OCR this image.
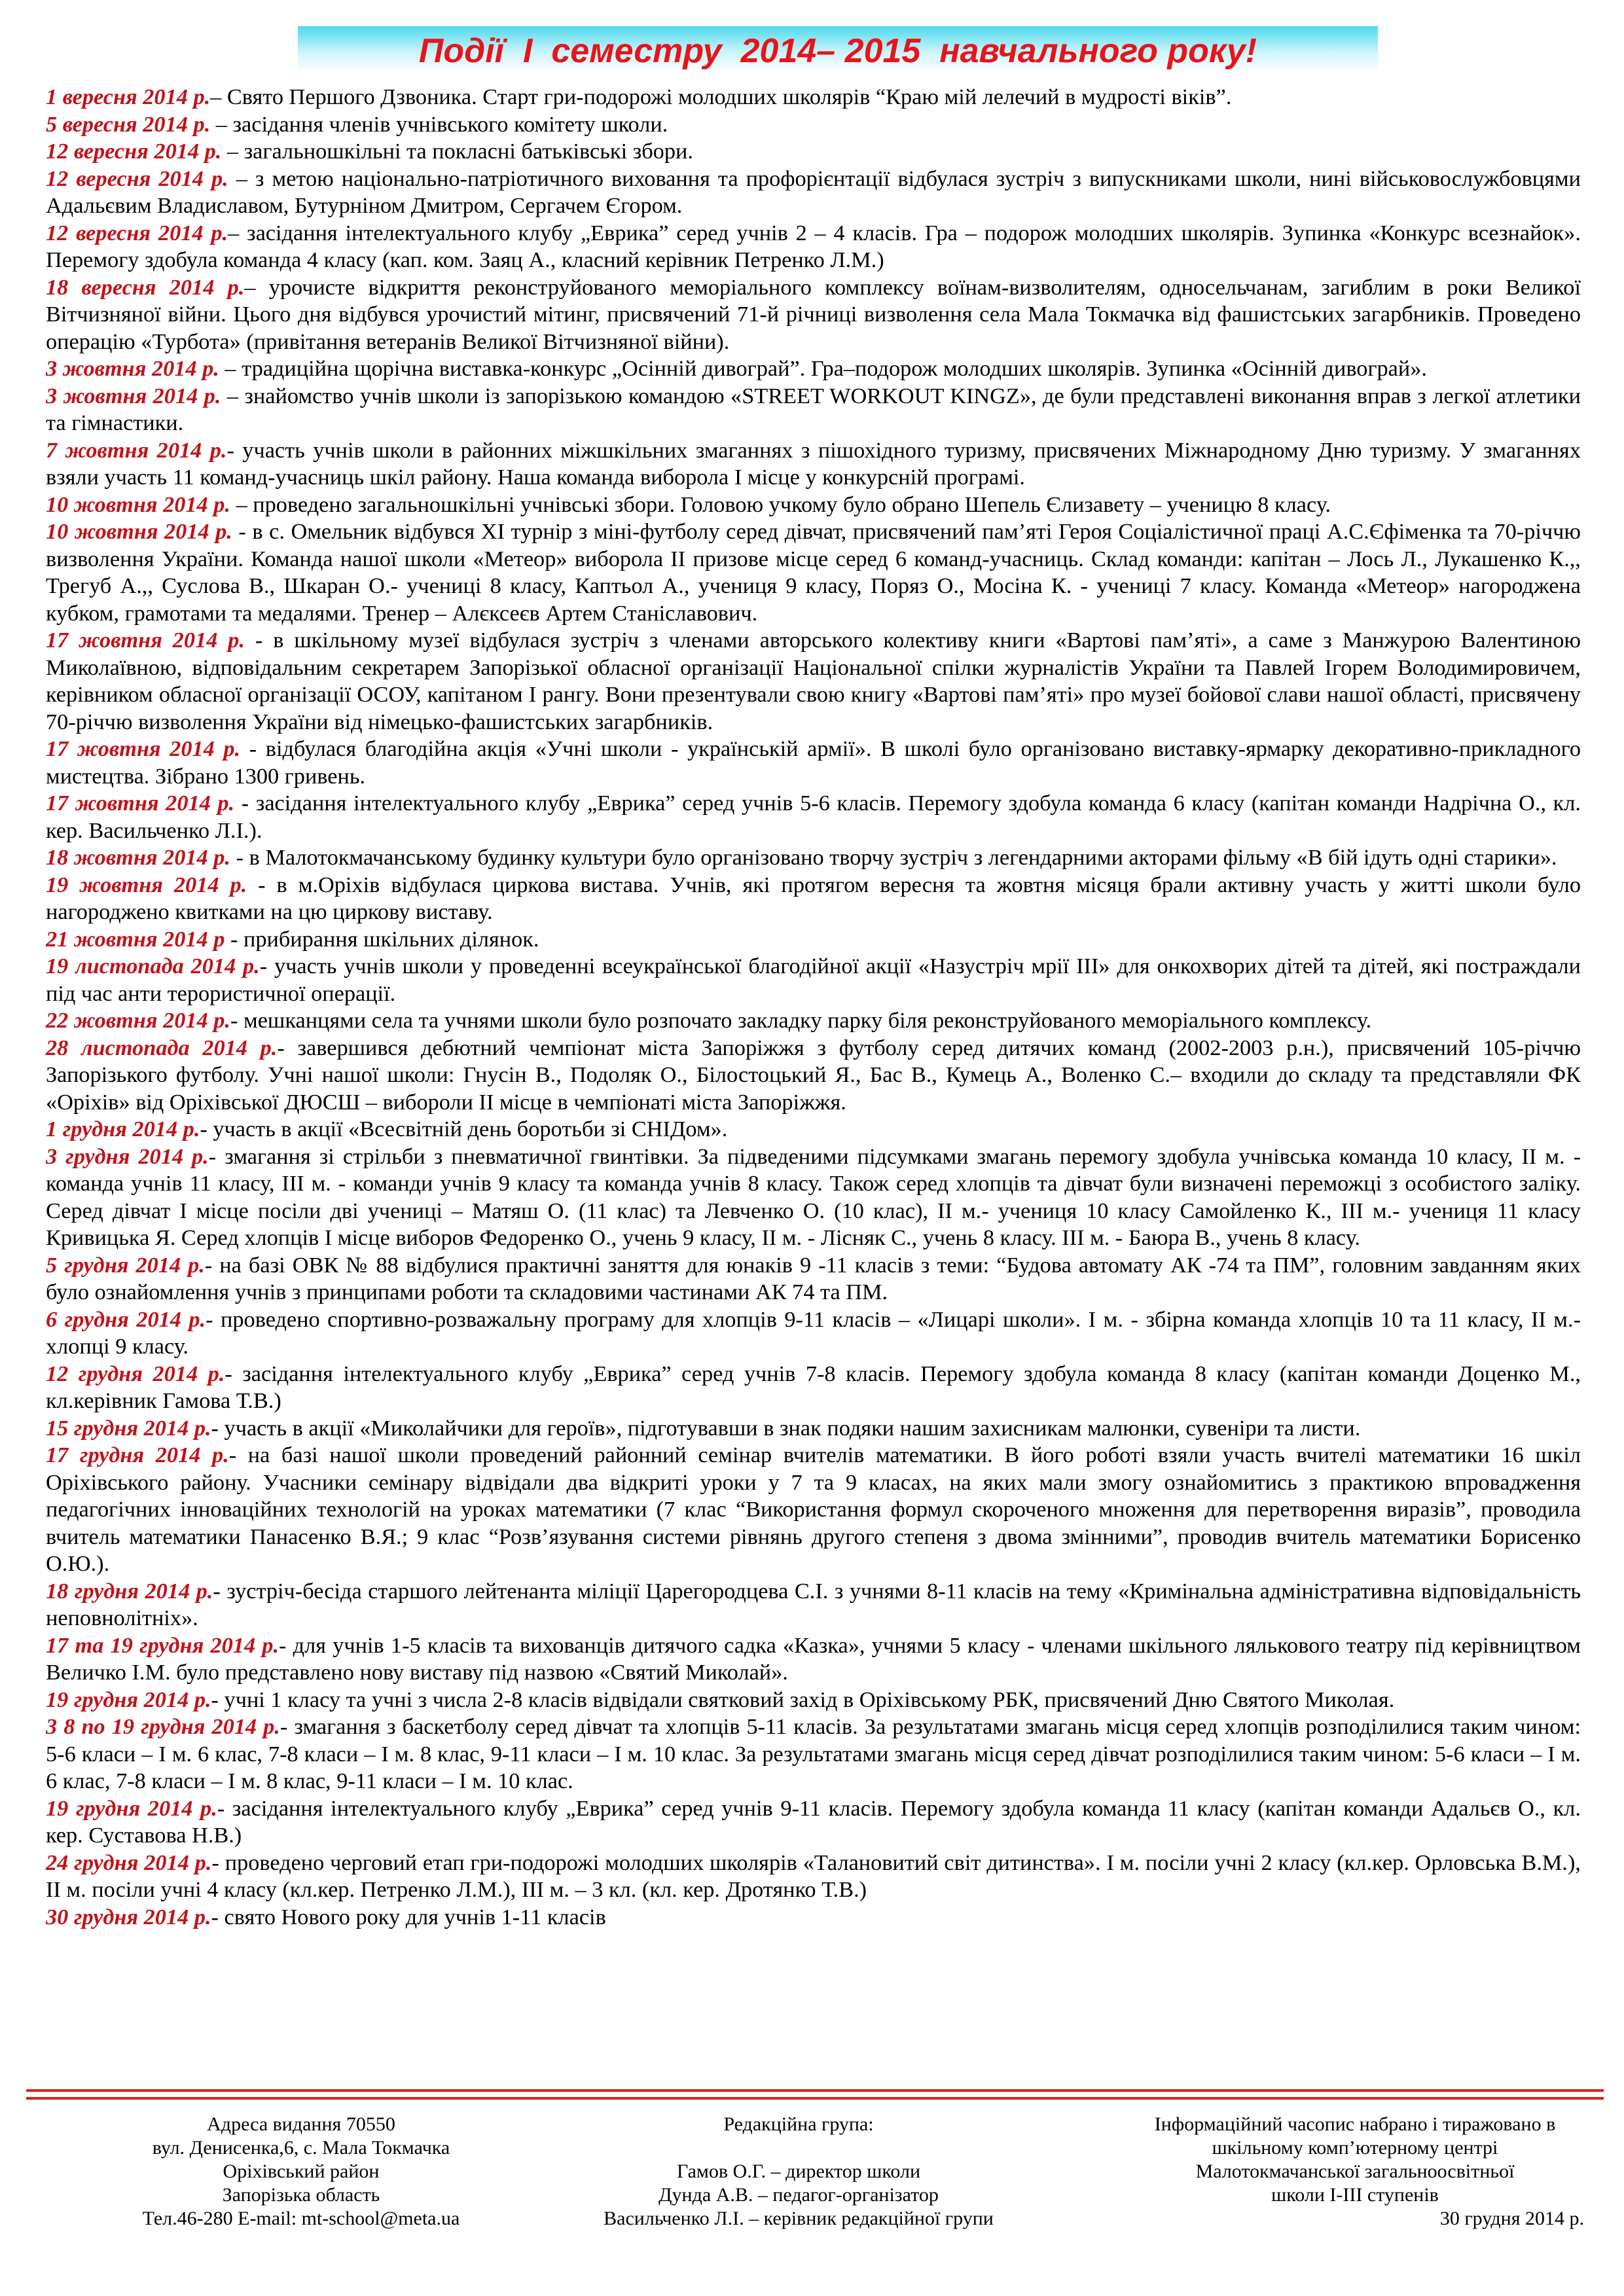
Події  І  семестру  2014– 2015  навчального року!

1 вересня 2014 р.– Свято Першого Дзвоника. Старт гри-подорожі молодших школярів “Краю мій лелечий в мудрості віків”.

5 вересня 2014 р. – засідання членів учнівського комітету школи.

12 вересня 2014 р. – загальношкільні та покласні батьківські збори.

12 вересня 2014 р. – з метою національно-патріотичного виховання та профорієнтації відбулася зустріч з випускниками школи, нині військовослужбовцями Адальєвим Владиславом, Бутурніном Дмитром, Сергачем Єгором.

12 вересня 2014 р.– засідання інтелектуального клубу „Еврика” серед учнів 2 – 4 класів. Гра – подорож молодших школярів. Зупинка «Конкурс всезнайок». Перемогу здобула команда 4 класу (кап. ком. Заяц А., класний керівник Петренко Л.М.)

18 вересня 2014 р.– урочисте відкриття реконструйованого меморіального комплексу воїнам-визволителям, односельчанам, загиблим в роки Великої Вітчизняної війни. Цього дня відбувся урочистий мітинг, присвячений 71-й річниці визволення села Мала Токмачка від фашистських загарбників. Проведено операцію «Турбота» (привітання ветеранів Великої Вітчизняної війни).

3 жовтня 2014 р. – традиційна щорічна виставка-конкурс „Осінній дивограй”. Гра–подорож молодших школярів. Зупинка «Осінній дивограй».

3 жовтня 2014 р. – знайомство учнів школи із запорізькою командою «STREET WORKOUT KINGZ», де були представлені виконання вправ з легкої атлетики та гімнастики.

7 жовтня 2014 р.- участь учнів школи в районних міжшкільних змаганнях з пішохідного туризму, присвячених Міжнародному Дню туризму. У змаганнях взяли участь 11 команд-учасниць шкіл району. Наша команда виборола І місце у конкурсній програмі.

10 жовтня 2014 р. – проведено загальношкільні учнівські збори. Головою учкому було обрано Шепель Єлизавету – ученицю 8 класу.

10 жовтня 2014 р. - в с. Омельник відбувся ХІ турнір з міні-футболу серед дівчат, присвячений пам’яті Героя Соціалістичної праці А.С.Єфіменка та 70-річчю визволення України. Команда нашої школи «Метеор» виборола ІІ призове місце серед 6 команд-учасниць. Склад команди: капітан – Лось Л., Лукашенко К.,, Трегуб А.,, Суслова В., Шкаран О.- учениці 8 класу, Каптьол А., учениця 9 класу, Поряз О., Мосіна К. - учениці 7 класу. Команда «Метеор» нагороджена кубком, грамотами та медалями. Тренер – Алєксеєв Артем Станіславович.

17 жовтня 2014 р. - в шкільному музеї відбулася зустріч з членами авторського колективу книги «Вартові пам’яті», а саме з Манжурою Валентиною Миколаївною, відповідальним секретарем Запорізької обласної організації Національної спілки журналістів України та Павлей Ігорем Володимировичем, керівником обласної організації ОСОУ, капітаном І рангу. Вони презентували свою книгу «Вартові пам’яті» про музеї бойової слави нашої області, присвячену 70-річчю визволення України від німецько-фашистських загарбників.

17 жовтня 2014 р. - відбулася благодійна акція «Учні школи - українській армії». В школі було організовано виставку-ярмарку декоративно-прикладного мистецтва. Зібрано 1300 гривень.

17 жовтня 2014 р. - засідання інтелектуального клубу „Еврика” серед учнів 5-6 класів. Перемогу здобула команда 6 класу (капітан команди Надрічна О., кл. кер. Васильченко Л.І.).

18 жовтня 2014 р. - в Малотокмачанському будинку культури було організовано творчу зустріч з легендарними акторами фільму «В бій ідуть одні старики».

19 жовтня 2014 р. - в м.Оріхів відбулася циркова вистава. Учнів, які протягом вересня та жовтня місяця брали активну участь у житті школи було нагороджено квитками на цю циркову виставу.

21 жовтня 2014 р - прибирання шкільних ділянок.

19 листопада 2014 р.- участь учнів школи у проведенні всеукраїнської благодійної акції «Назустріч мрії ІІІ» для онкохворих дітей та дітей, які постраждали під час анти терористичної операції.

22 жовтня 2014 р.- мешканцями села та учнями школи було розпочато закладку парку біля реконструйованого меморіального комплексу.

28 листопада 2014 р.- завершився дебютний чемпіонат міста Запоріжжя з футболу серед дитячих команд (2002-2003 р.н.), присвячений 105-річчю Запорізького футболу. Учні нашої школи: Гнусін В., Подоляк О., Білостоцький Я., Бас В., Кумець А., Воленко С.– входили до складу та представляли ФК «Оріхів» від Оріхівської ДЮСШ – вибороли ІІ місце в чемпіонаті міста Запоріжжя.

1 грудня 2014 р.- участь в акції «Всесвітній день боротьби зі СНІДом».

3 грудня 2014 р.- змагання зі стрільби з пневматичної гвинтівки. За підведеними підсумками змагань перемогу здобула учнівська команда 10 класу, ІІ м. - команда учнів 11 класу, ІІІ м. - команди учнів 9 класу та команда учнів 8 класу. Також серед хлопців та дівчат були визначені переможці з особистого заліку. Серед дівчат І місце посіли дві учениці – Матяш О. (11 клас) та Левченко О. (10 клас), ІІ м.- учениця 10 класу Самойленко К., ІІІ м.- учениця 11 класу Кривицька Я. Серед хлопців І місце виборов Федоренко О., учень 9 класу, ІІ м. - Лісняк С., учень 8 класу. ІІІ м. - Баюра В., учень 8 класу.

5 грудня 2014 р.- на базі ОВК № 88 відбулися практичні заняття для юнаків 9 -11 класів з теми: “Будова автомату АК -74 та ПМ”, головним завданням яких було ознайомлення учнів з принципами роботи та складовими частинами АК 74 та ПМ.

6 грудня 2014 р.- проведено спортивно-розважальну програму для хлопців 9-11 класів – «Лицарі школи». І м. - збірна команда хлопців 10 та 11 класу, ІІ м.- хлопці 9 класу.

12 грудня 2014 р.- засідання інтелектуального клубу „Еврика” серед учнів 7-8 класів. Перемогу здобула команда 8 класу (капітан команди Доценко М., кл.керівник Гамова Т.В.)

15 грудня 2014 р.- участь в акції «Миколайчики для героїв», підготувавши в знак подяки нашим захисникам малюнки, сувеніри та листи.

17 грудня 2014 р.- на базі нашої школи проведений районний семінар вчителів математики. В його роботі взяли участь вчителі математики 16 шкіл Оріхівського району. Учасники семінару відвідали два відкриті уроки у 7 та 9 класах, на яких мали змогу ознайомитись з практикою впровадження педагогічних інноваційних технологій на уроках математики (7 клас “Використання формул скороченого множення для перетворення виразів”, проводила вчитель математики Панасенко В.Я.; 9 клас “Розв’язування системи рівнянь другого степеня з двома змінними”, проводив вчитель математики Борисенко О.Ю.).

18 грудня 2014 р.- зустріч-бесіда старшого лейтенанта міліції Царегородцева С.І. з учнями 8-11 класів на тему «Кримінальна адміністративна відповідальність неповнолітніх».

17 та 19 грудня 2014 р.- для учнів 1-5 класів та вихованців дитячого садка «Казка», учнями 5 класу - членами шкільного лялькового театру під керівництвом Величко І.М. було представлено нову виставу під назвою «Святий Миколай».

19 грудня 2014 р.- учні 1 класу та учні з числа 2-8 класів відвідали святковий захід в Оріхівському РБК, присвячений Дню Святого Миколая.

3 8 по 19 грудня 2014 р.- змагання з баскетболу серед дівчат та хлопців 5-11 класів. За результатами змагань місця серед хлопців розподілилися таким чином: 5-6 класи – І м. 6 клас, 7-8 класи – І м. 8 клас, 9-11 класи – І м. 10 клас. За результатами змагань місця серед дівчат розподілилися таким чином: 5-6 класи – І м. 6 клас, 7-8 класи – І м. 8 клас, 9-11 класи – І м. 10 клас.

19 грудня 2014 р.- засідання інтелектуального клубу „Еврика” серед учнів 9-11 класів. Перемогу здобула команда 11 класу (капітан команди Адальєв О., кл. кер. Суставова Н.В.)

24 грудня 2014 р.- проведено черговий етап гри-подорожі молодших школярів «Талановитий світ дитинства». І м. посіли учні 2 класу (кл.кер. Орловська В.М.), ІІ м. посіли учні 4 класу (кл.кер. Петренко Л.М.), ІІІ м. – 3 кл. (кл. кер. Дротянко Т.В.)

30 грудня 2014 р.- свято Нового року для учнів 1-11 класів

Адреса видання 70550
вул. Денисенка,6, с. Мала Токмачка
Оріхівський район
Запорізька область
Тел.46-280 E-mail: mt-school@meta.ua
Редакційна група:
Гамов О.Г. – директор школи
Дунда А.В. – педагог-організатор
Васильченко Л.І. – керівник редакційної групи
Інформаційний часопис набрано і тиражовано в
шкільному комп’ютерному центрі
Малотокмачанської загальноосвітньої
школи І-ІІІ ступенів
30 грудня 2014 р.
